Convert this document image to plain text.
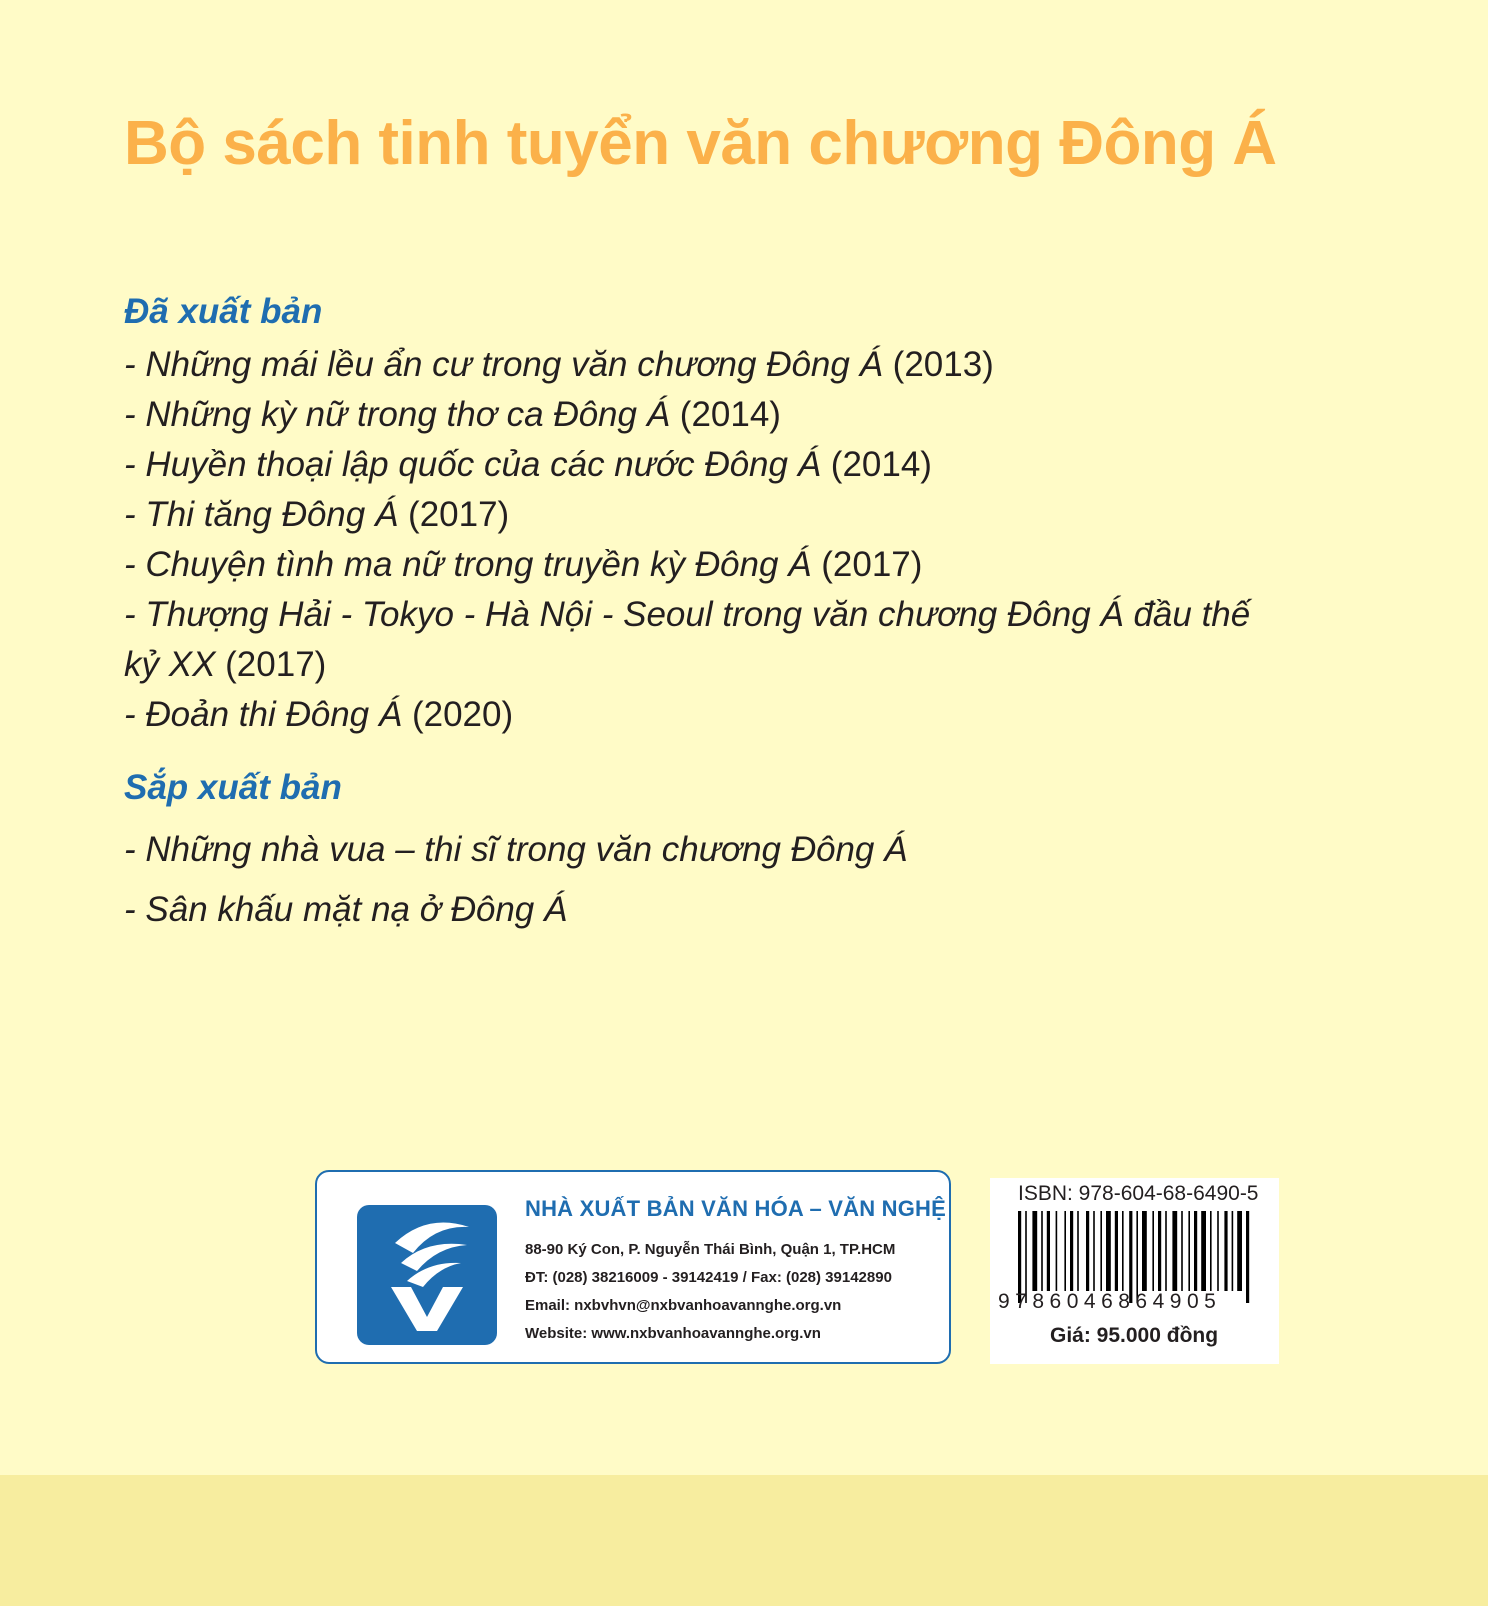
Bộ sách tinh tuyển văn chương Đông Á
Đã xuất bản
- Những mái lều ẩn cư trong văn chương Đông Á (2013)
- Những kỳ nữ trong thơ ca Đông Á (2014)
- Huyền thoại lập quốc của các nước Đông Á (2014)
- Thi tăng Đông Á (2017)
- Chuyện tình ma nữ trong truyền kỳ Đông Á (2017)
- Thượng Hải - Tokyo - Hà Nội - Seoul trong văn chương Đông Á đầu thế kỷ XX (2017)
- Đoản thi Đông Á (2020)
Sắp xuất bản
- Những nhà vua – thi sĩ trong văn chương Đông Á
- Sân khấu mặt nạ ở Đông Á
NHÀ XUẤT BẢN VĂN HÓA – VĂN NGHỆ
88-90 Ký Con, P. Nguyễn Thái Bình, Quận 1, TP.HCM
ĐT: (028) 38216009 - 39142419 / Fax: (028) 39142890
Email: nxbvhvn@nxbvanhoavannghe.org.vn
Website: www.nxbvanhoavannghe.org.vn
ISBN: 978-604-68-6490-5
9786046864905
Giá: 95.000 đồng
